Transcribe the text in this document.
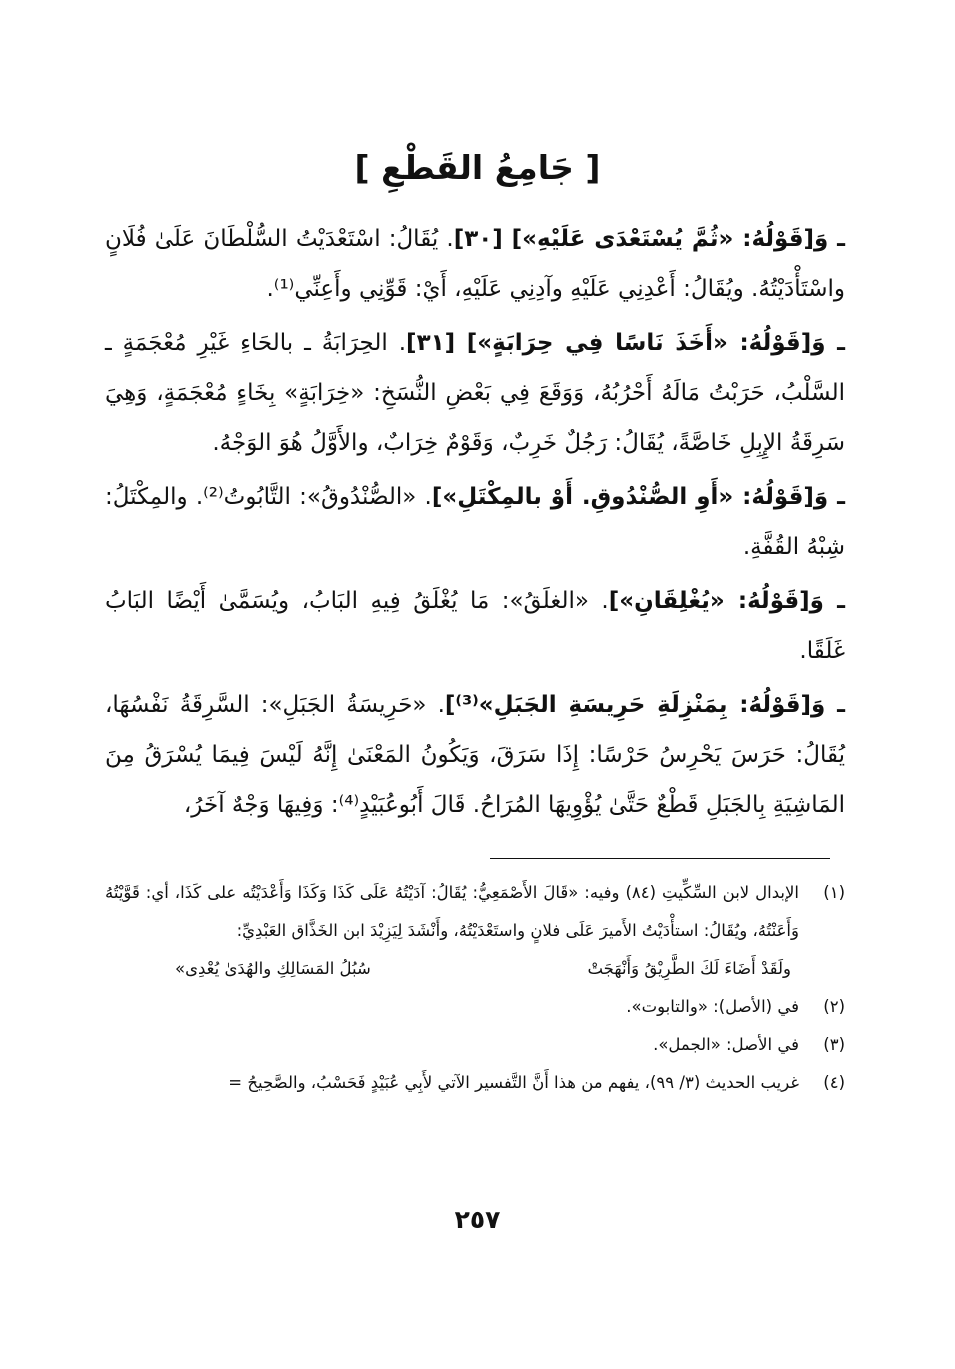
[ جَامِعُ القَطْعِ ]

ـ وَ[قَوْلُهُ: «ثُمَّ يُسْتَعْدَى عَلَيْهِ»] [٣٠]. يُقَالُ: اسْتَعْدَيْتُ السُّلْطَانَ عَلَىٰ فُلَانٍ واسْتَأْدَيْتُهُ. ويُقَالُ: أَعْدِنِي عَلَيْهِ وآدِنِي عَلَيْهِ، أَيْ: قَوِّنِي وأَعِنِّي⁽¹⁾.

ـ وَ[قَوْلُهُ: «أَخَذَ نَاسًا فِي حِرَابَةٍ»] [٣١]. الحِرَابَةُ ـ بالحَاءِ غَيْرِ مُعْجَمَةٍ ـ السَّلْبُ، حَرَبْتُ مَالَهُ أَحْرُبُهُ، وَوَقَعَ فِي بَعْضِ النُّسَخِ: «خِرَابَةٍ» بِخَاءٍ مُعْجَمَةٍ، وَهِيَ سَرِقَةُ الإِبِلِ خَاصَّةً، يُقَالُ: رَجُلٌ خَرِبٌ، وَقَوْمٌ خِرَابٌ، والأَوَّلُ هُوَ الوَجْهُ.

ـ وَ[قَوْلُهُ: «أَوِ الصُّنْدُوقِ. أَوْ بالمِكْتَلِ»]. «الصُّنْدُوقُ»: التَّابُوتُ⁽²⁾. والمِكْتَلُ: شِبْهُ القُفَّةِ.

ـ وَ[قَوْلُهُ: «يُغْلِقَانِ»]. «الغلَقُ»: مَا يُغْلَقُ فِيهِ البَابُ، ويُسَمَّىٰ أَيْضًا البَابُ غَلَقًا.

ـ وَ[قَوْلُهُ: بِمَنْزِلَةِ حَرِيسَةِ الجَبَلِ»⁽³⁾]. «حَرِيسَةُ الجَبَلِ»: السَّرِقَةُ نَفْسُهَا، يُقَالُ: حَرَسَ يَحْرِسُ حَرْسًا: إِذَا سَرَقَ، وَيَكُونُ المَعْنَىٰ إِنَّهُ لَيْسَ فِيمَا يُسْرَقُ مِنَ المَاشِيَةِ بِالجَبَلِ قَطْعٌ حَتَّىٰ يُؤْوِيهَا المُرَاحُ. قَالَ أَبُوعُبَيْدٍ⁽⁴⁾: وَفِيهَا وَجْهٌ آخَرُ،

(١)
الإبدال لابن السِّكِّيتِ (٨٤) وفيه: «قَالَ الأَصْمَعِيُّ: يُقَالُ: آدَيْتُهُ عَلَى كَذَا وَكَذَا وَأَعْدَيْتُه على كَذَا، أي: قَوَّيْتُهُ وَأَعَنْتُهُ، ويُقَالُ: استأْدَيْتُ الأَميرَ عَلَى فلانٍ واستَعْدَيْتُهُ، وأَنْشَدَ لِيَزِيْدَ ابن الخَذَّاق العَبْدِيِّ:
ولَقَدْ أَضَاءَ لَكَ الطَّرِيْقُ وَأَنْهَجَتْ
سُبُلُ المَسَالِكِ والهُدَىٰ يُعْدِى»
(٢)
في (الأصل): «والتابوت».
(٣)
في الأصل: «الجمل».
(٤)
غريب الحديث (٣/ ٩٩)، يفهم من هذا أَنَّ التَّفسير الآتي لأَبِي عُبَيْدٍ فَحَسْبُ، والصَّحِيحُ =
٢٥٧
